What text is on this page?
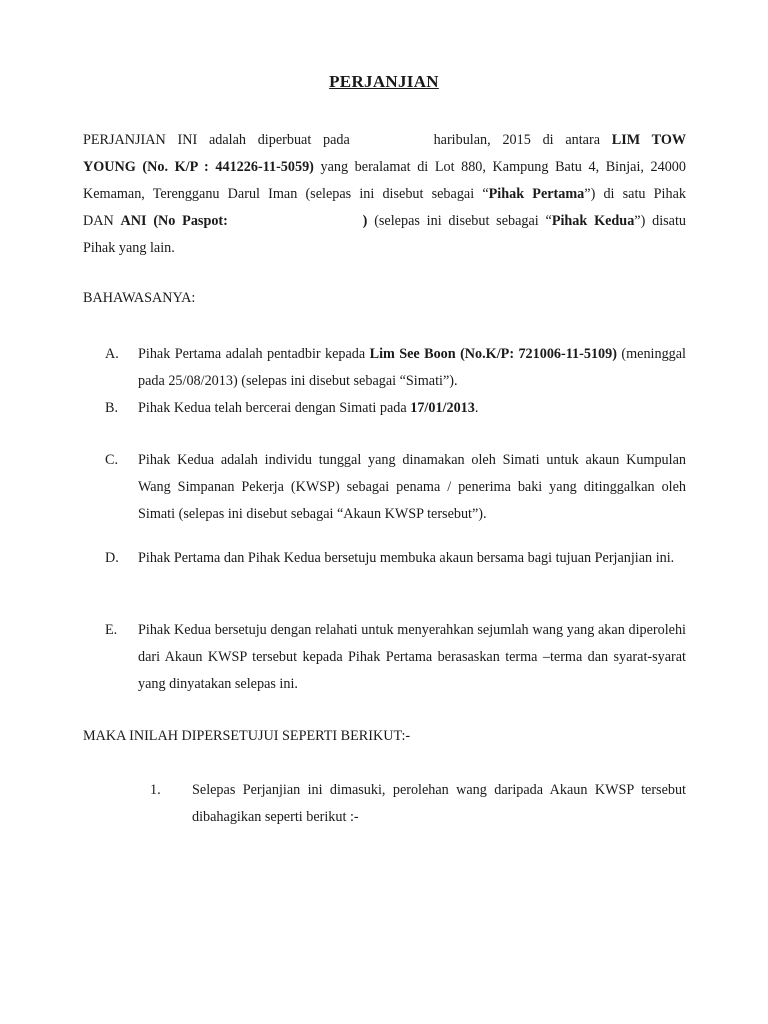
PERJANJIAN
PERJANJIAN INI adalah diperbuat pada	haribulan, 2015 di antara LIM TOW
YOUNG (No. K/P : 441226-11-5059) yang beralamat di Lot 880, Kampung Batu 4, Binjai, 24000
Kemaman, Terengganu Darul Iman (selepas ini disebut sebagai “Pihak Pertama”) di satu Pihak
DAN ANI (No Paspot:	) (selepas ini disebut sebagai “Pihak Kedua”) disatu
Pihak yang lain.
BAHAWASANYA:
A. Pihak Pertama adalah pentadbir kepada Lim See Boon (No.K/P: 721006-11-5109) (meninggal pada 25/08/2013) (selepas ini disebut sebagai “Simati”).
B. Pihak Kedua telah bercerai dengan Simati pada 17/01/2013.
C. Pihak Kedua adalah individu tunggal yang dinamakan oleh Simati untuk akaun Kumpulan Wang Simpanan Pekerja (KWSP) sebagai penama / penerima baki yang ditinggalkan oleh Simati (selepas ini disebut sebagai “Akaun KWSP tersebut”).
D. Pihak Pertama dan Pihak Kedua bersetuju membuka akaun bersama bagi tujuan Perjanjian ini.
E. Pihak Kedua bersetuju dengan relahati untuk menyerahkan sejumlah wang yang akan diperolehi dari Akaun KWSP tersebut kepada Pihak Pertama berasaskan terma –terma dan syarat-syarat yang dinyatakan selepas ini.
MAKA INILAH DIPERSETUJUI SEPERTI BERIKUT:-
1. Selepas Perjanjian ini dimasuki, perolehan wang daripada Akaun KWSP tersebut dibahagikan seperti berikut :-
